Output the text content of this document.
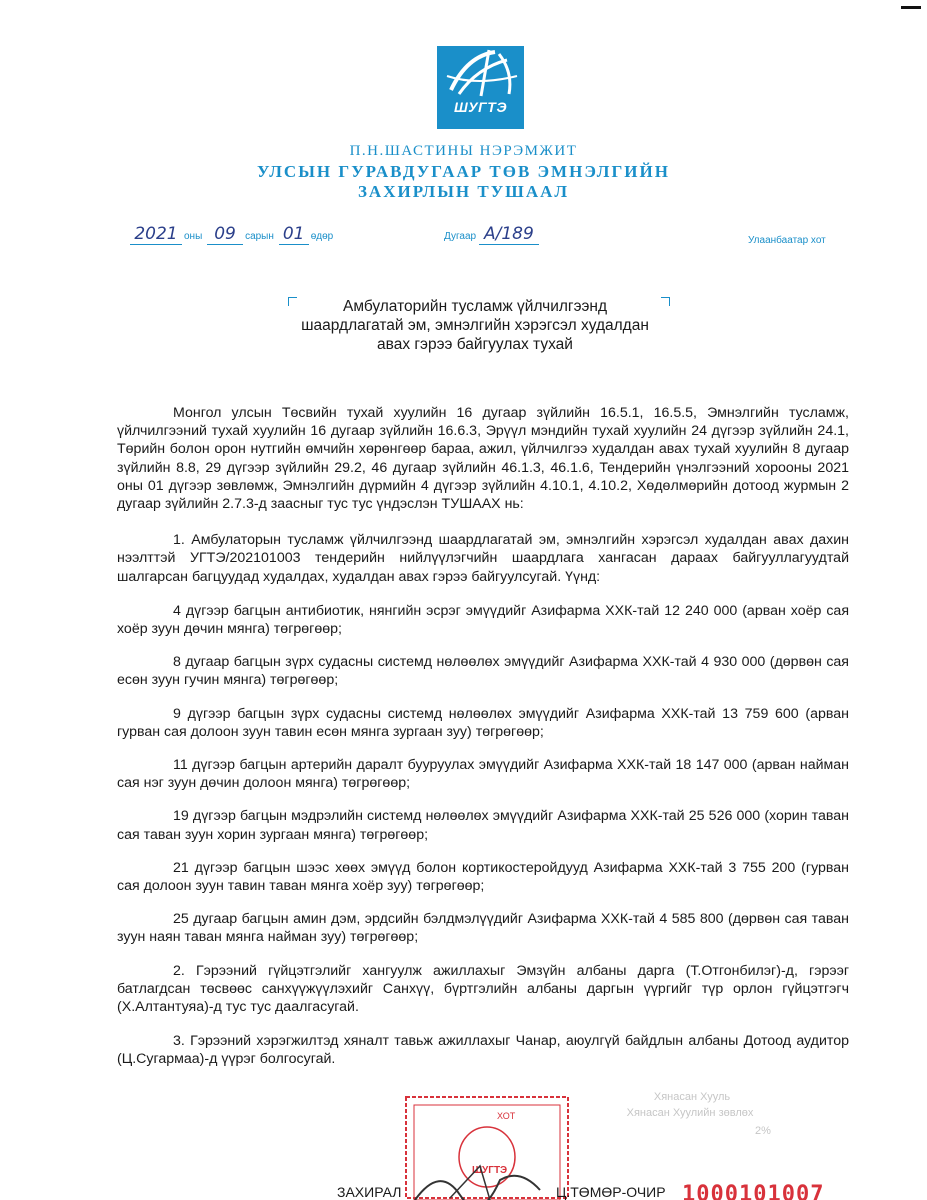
ШУГТЭ
П.Н.ШАСТИНЫ НЭРЭМЖИТ
УЛСЫН ГУРАВДУГААР ТӨВ ЭМНЭЛГИЙН
ЗАХИРЛЫН ТУШААЛ
2021 оны 09 сарын 01 өдөр	Дугаар А/189	Улаанбаатар хот
Амбулаторийн тусламж үйлчилгээнд
шаардлагатай эм, эмнэлгийн хэрэгсэл худалдан
авах гэрээ байгуулах тухай

Монгол улсын Төсвийн тухай хуулийн 16 дугаар зүйлийн 16.5.1, 16.5.5, Эмнэлгийн тусламж, үйлчилгээний тухай хуулийн 16 дугаар зүйлийн 16.6.3, Эрүүл мэндийн тухай хуулийн 24 дүгээр зүйлийн 24.1, Төрийн болон орон нутгийн өмчийн хөрөнгөөр бараа, ажил, үйлчилгээ худалдан авах тухай хуулийн 8 дугаар зүйлийн 8.8, 29 дүгээр зүйлийн 29.2, 46 дугаар зүйлийн 46.1.3, 46.1.6, Тендерийн үнэлгээний хорооны 2021 оны 01 дүгээр зөвлөмж, Эмнэлгийн дүрмийн 4 дүгээр зүйлийн 4.10.1, 4.10.2, Хөдөлмөрийн дотоод журмын 2 дугаар зүйлийн 2.7.3-д заасныг тус тус үндэслэн ТУШААХ нь:

1. Амбулаторын тусламж үйлчилгээнд шаардлагатай эм, эмнэлгийн хэрэгсэл худалдан авах дахин нээлттэй УГТЭ/202101003 тендерийн нийлүүлэгчийн шаардлага хангасан дараах байгууллагуудтай шалгарсан багцуудад худалдах, худалдан авах гэрээ байгуулсугай. Үүнд:

4 дүгээр багцын антибиотик, нянгийн эсрэг эмүүдийг Азифарма ХХК-тай 12 240 000 (арван хоёр сая хоёр зуун дөчин мянга) төгрөгөөр;

8 дугаар багцын зүрх судасны системд нөлөөлөх эмүүдийг Азифарма ХХК-тай 4 930 000 (дөрвөн сая есөн зуун гучин мянга) төгрөгөөр;

9 дүгээр багцын зүрх судасны системд нөлөөлөх эмүүдийг Азифарма ХХК-тай 13 759 600 (арван гурван сая долоон зуун тавин есөн мянга зургаан зуу) төгрөгөөр;

11 дүгээр багцын артерийн даралт бууруулах эмүүдийг Азифарма ХХК-тай 18 147 000 (арван найман сая нэг зуун дөчин долоон мянга) төгрөгөөр;

19 дүгээр багцын мэдрэлийн системд нөлөөлөх эмүүдийг Азифарма ХХК-тай 25 526 000 (хорин таван сая таван зуун хорин зургаан мянга) төгрөгөөр;

21 дүгээр багцын шээс хөөх эмүүд болон кортикостеройдууд Азифарма ХХК-тай 3 755 200 (гурван сая долоон зуун тавин таван мянга хоёр зуу) төгрөгөөр;

25 дугаар багцын амин дэм, эрдсийн бэлдмэлүүдийг Азифарма ХХК-тай 4 585 800 (дөрвөн сая таван зуун наян таван мянга найман зуу) төгрөгөөр;

2. Гэрээний гүйцэтгэлийг хангуулж ажиллахыг Эмзүйн албаны дарга (Т.Отгонбилэг)-д, гэрээг батлагдсан төсвөөс санхүүжүүлэхийг Санхүү, бүртгэлийн албаны даргын үүргийг түр орлон гүйцэтгэгч (Х.Алтантуяа)-д тус тус даалгасугай.

3. Гэрээний хэрэгжилтэд хяналт тавьж ажиллахыг Чанар, аюулгүй байдлын албаны Дотоод аудитор (Ц.Сугармаа)-д үүрэг болгосугай.

Хянасан Хууль
Хянасан Хуулийн зөвлөх
2%
ХОТ
ШУГТЭ
ЗАХИРАЛ	Ц.ТӨМӨР-ОЧИР 1000101007
